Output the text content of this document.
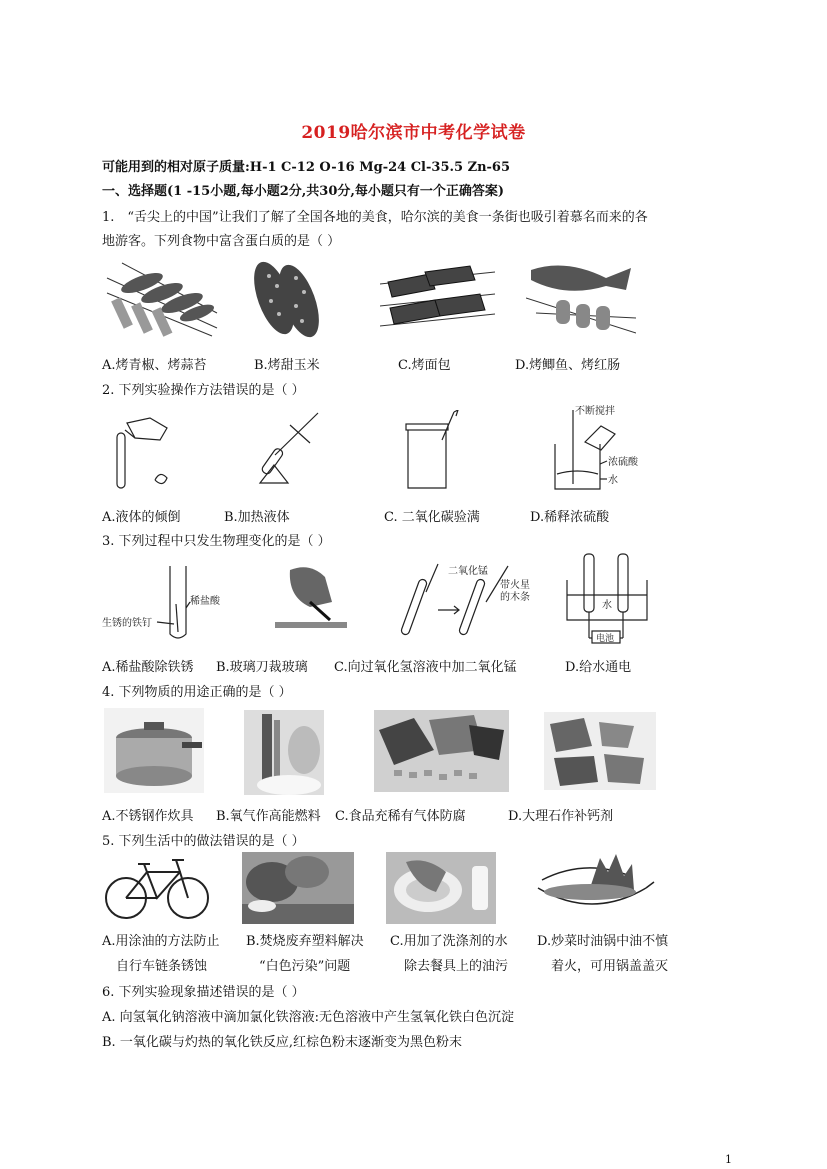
2019哈尔滨市中考化学试卷
可能用到的相对原子质量:H-1 C-12 O-16 Mg-24 Cl-35.5 Zn-65
一、选择题(1 -15小题,每小题2分,共30分,每小题只有一个正确答案)
1.　“舌尖上的中国”让我们了解了全国各地的美食，哈尔滨的美食一条街也吸引着慕名而来的各
地游客。下列食物中富含蛋白质的是（ ）
A.烤青椒、烤蒜苔	B.烤甜玉米	C.烤面包	D.烤鲫鱼、烤红肠
2. 下列实验操作方法错误的是（ ）
不断搅拌
浓硫酸
水
A.液体的倾倒	B.加热液体	C. 二氧化碳验满	D.稀释浓硫酸
3. 下列过程中只发生物理变化的是（ ）
稀盐酸
生锈的铁钉
二氧化锰
带火星
的木条
水
电池
A.稀盐酸除铁锈 B.玻璃刀裁玻璃 C.向过氧化氢溶液中加二氧化锰	D.给水通电
4. 下列物质的用途正确的是（ ）
A.不锈钢作炊具 B.氧气作高能燃料 C.食品充稀有气体防腐	D.大理石作补钙剂
5. 下列生活中的做法错误的是（ ）
A.用涂油的方法防止
自行车链条锈蚀
B.焚烧废弃塑料解决
“白色污染”问题
C.用加了洗涤剂的水
除去餐具上的油污
D.炒菜时油锅中油不慎
着火，可用锅盖盖灭
6. 下列实验现象描述错误的是（ ）
A. 向氢氧化钠溶液中滴加氯化铁溶液:无色溶液中产生氢氧化铁白色沉淀
B. 一氧化碳与灼热的氧化铁反应,红棕色粉末逐渐变为黑色粉末
1
